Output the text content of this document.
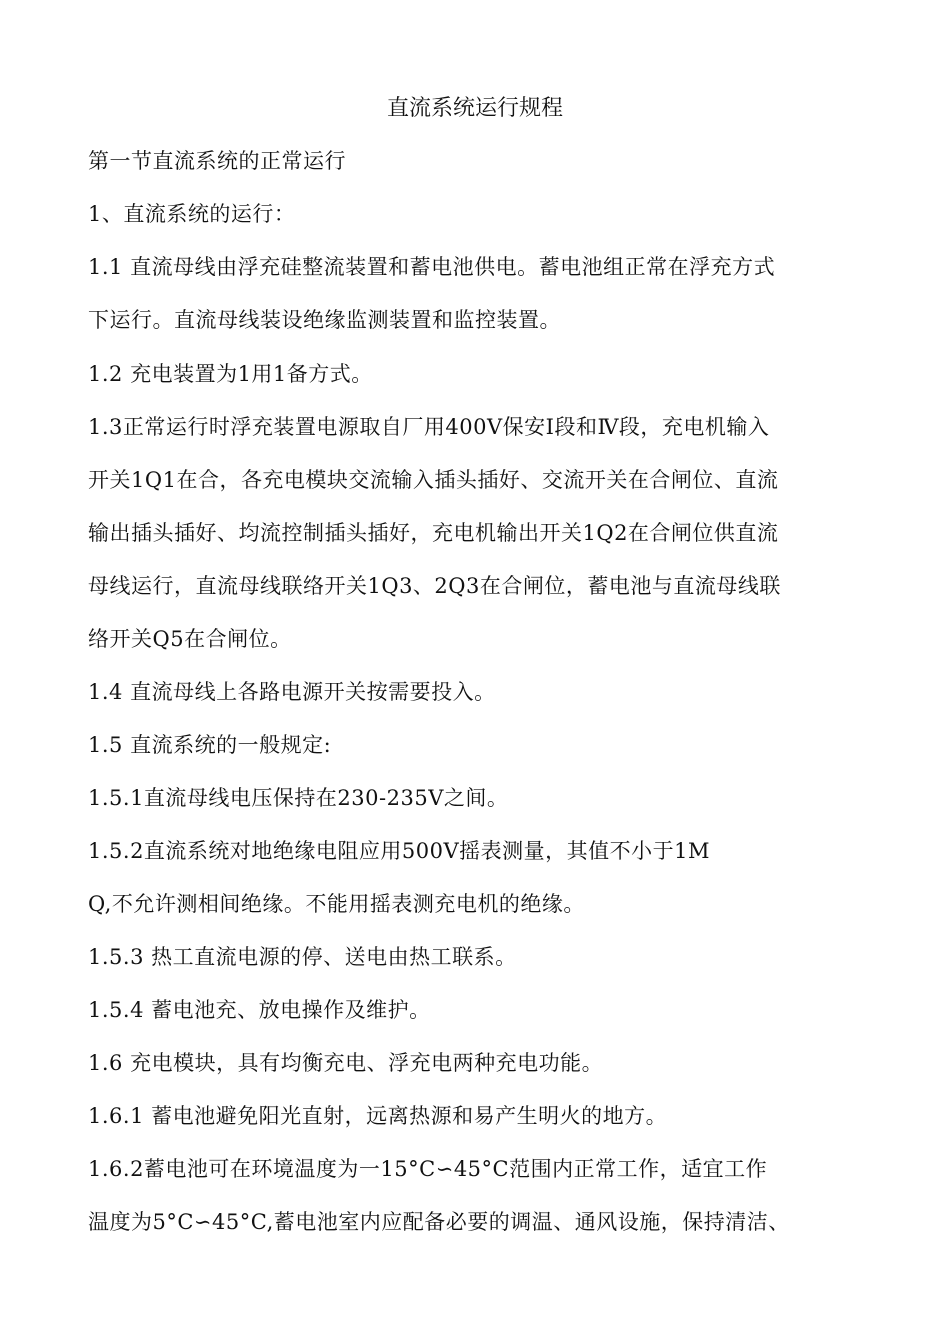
直流系统运行规程
第一节直流系统的正常运行
1、直流系统的运行：
1.1 直流母线由浮充硅整流装置和蓄电池供电。蓄电池组正常在浮充方式
下运行。直流母线装设绝缘监测装置和监控装置。
1.2 充电装置为1用1备方式。
1.3正常运行时浮充装置电源取自厂用400V保安Ⅰ段和Ⅳ段，充电机输入
开关1Q1在合，各充电模块交流输入插头插好、交流开关在合闸位、直流
输出插头插好、均流控制插头插好，充电机输出开关1Q2在合闸位供直流
母线运行，直流母线联络开关1Q3、2Q3在合闸位，蓄电池与直流母线联
络开关Q5在合闸位。
1.4 直流母线上各路电源开关按需要投入。
1.5 直流系统的一般规定:
1.5.1直流母线电压保持在230-235V之间。
1.5.2直流系统对地绝缘电阻应用500V摇表测量，其值不小于1M
Q,不允许测相间绝缘。不能用摇表测充电机的绝缘。
1.5.3 热工直流电源的停、送电由热工联系。
1.5.4 蓄电池充、放电操作及维护。
1.6 充电模块，具有均衡充电、浮充电两种充电功能。
1.6.1 蓄电池避免阳光直射，远离热源和易产生明火的地方。
1.6.2蓄电池可在环境温度为一15°C∽45°C范围内正常工作，适宜工作
温度为5°C∽45°C,蓄电池室内应配备必要的调温、通风设施，保持清洁、
